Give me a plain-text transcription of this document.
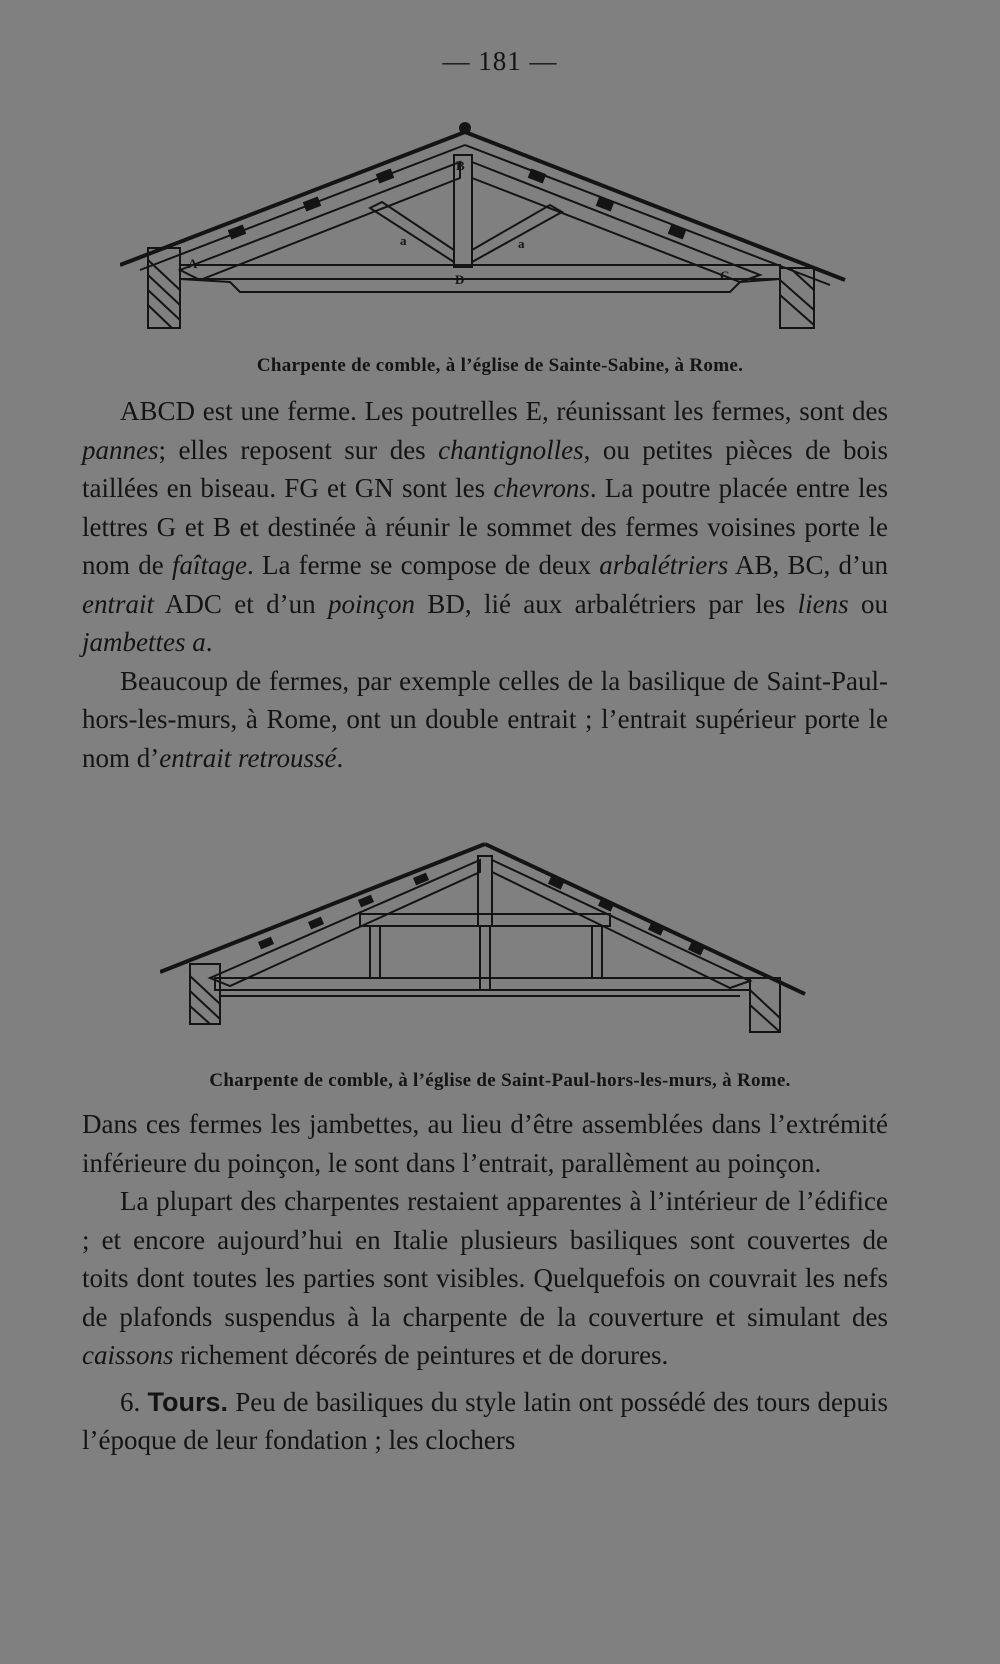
— 181 —
B
A
C
D
a	a
Charpente de comble, à l’église de Sainte-Sabine, à Rome.

ABCD est une ferme. Les poutrelles E, réunissant les fermes, sont des pannes; elles reposent sur des chantignolles, ou petites pièces de bois taillées en biseau. FG et GN sont les chevrons. La poutre placée entre les lettres G et B et destinée à réunir le sommet des fermes voisines porte le nom de faîtage. La ferme se compose de deux arbalétriers AB, BC, d’un entrait ADC et d’un poinçon BD, lié aux arbalétriers par les liens ou jambettes a.

Beaucoup de fermes, par exemple celles de la basilique de Saint-Paul-hors-les-murs, à Rome, ont un double entrait ; l’entrait supérieur porte le nom d’entrait retroussé.

Charpente de comble, à l’église de Saint-Paul-hors-les-murs, à Rome.

Dans ces fermes les jambettes, au lieu d’être assemblées dans l’extrémité inférieure du poinçon, le sont dans l’entrait, parallèment au poinçon.

La plupart des charpentes restaient apparentes à l’intérieur de l’édifice ; et encore aujourd’hui en Italie plusieurs basiliques sont couvertes de toits dont toutes les parties sont visibles. Quelquefois on couvrait les nefs de plafonds suspendus à la charpente de la couverture et simulant des caissons richement décorés de peintures et de dorures.

6. Tours. Peu de basiliques du style latin ont possédé des tours depuis l’époque de leur fondation ; les clochers
